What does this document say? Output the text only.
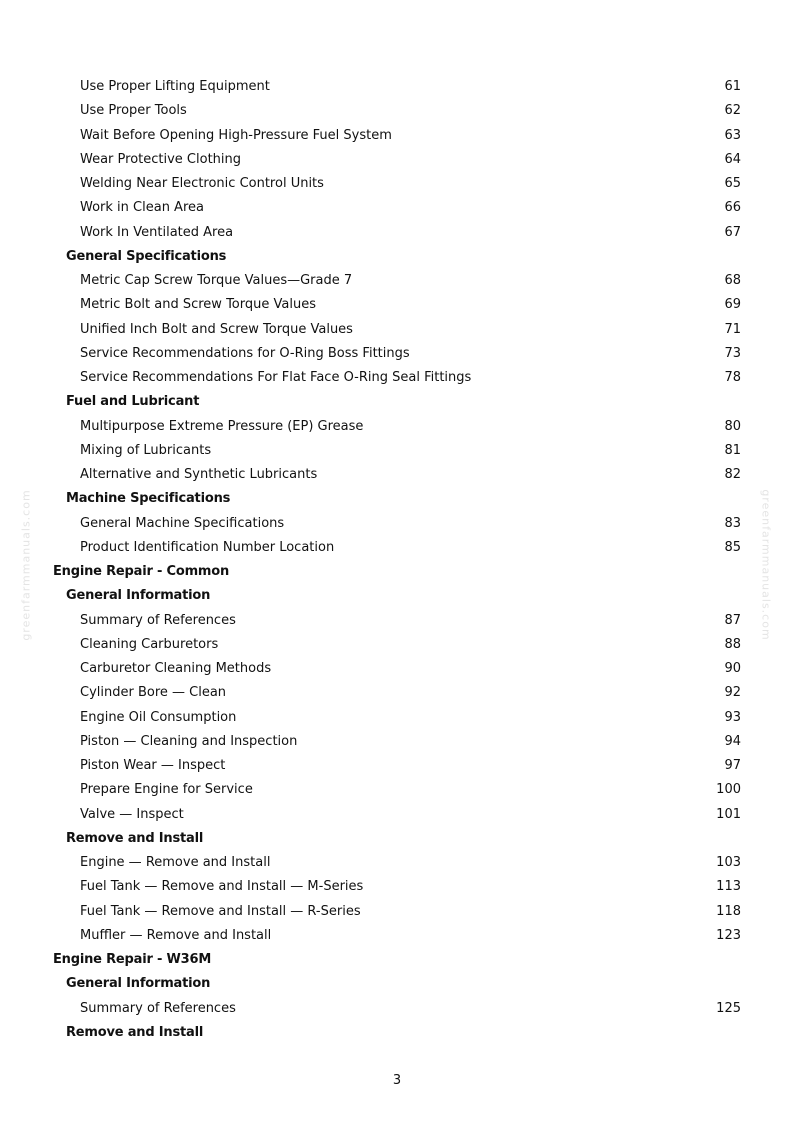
Use Proper Lifting Equipment	61
Use Proper Tools	62
Wait Before Opening High-Pressure Fuel System	63
Wear Protective Clothing	64
Welding Near Electronic Control Units	65
Work in Clean Area	66
Work In Ventilated Area	67
General Specifications
Metric Cap Screw Torque Values—Grade 7	68
Metric Bolt and Screw Torque Values	69
Unified Inch Bolt and Screw Torque Values	71
Service Recommendations for O-Ring Boss Fittings	73
Service Recommendations For Flat Face O-Ring Seal Fittings	78
Fuel and Lubricant
Multipurpose Extreme Pressure (EP) Grease	80
Mixing of Lubricants	81
Alternative and Synthetic Lubricants	82
Machine Specifications
General Machine Specifications	83
Product Identification Number Location	85
Engine Repair - Common
General Information
Summary of References	87
Cleaning Carburetors	88
Carburetor Cleaning Methods	90
Cylinder Bore — Clean	92
Engine Oil Consumption	93
Piston — Cleaning and Inspection	94
Piston Wear — Inspect	97
Prepare Engine for Service	100
Valve — Inspect	101
Remove and Install
Engine — Remove and Install	103
Fuel Tank — Remove and Install — M-Series	113
Fuel Tank — Remove and Install — R-Series	118
Muffler — Remove and Install	123
Engine Repair - W36M
General Information
Summary of References	125
Remove and Install
greenfarmmanuals.com	greenfarmmanuals.com
3
